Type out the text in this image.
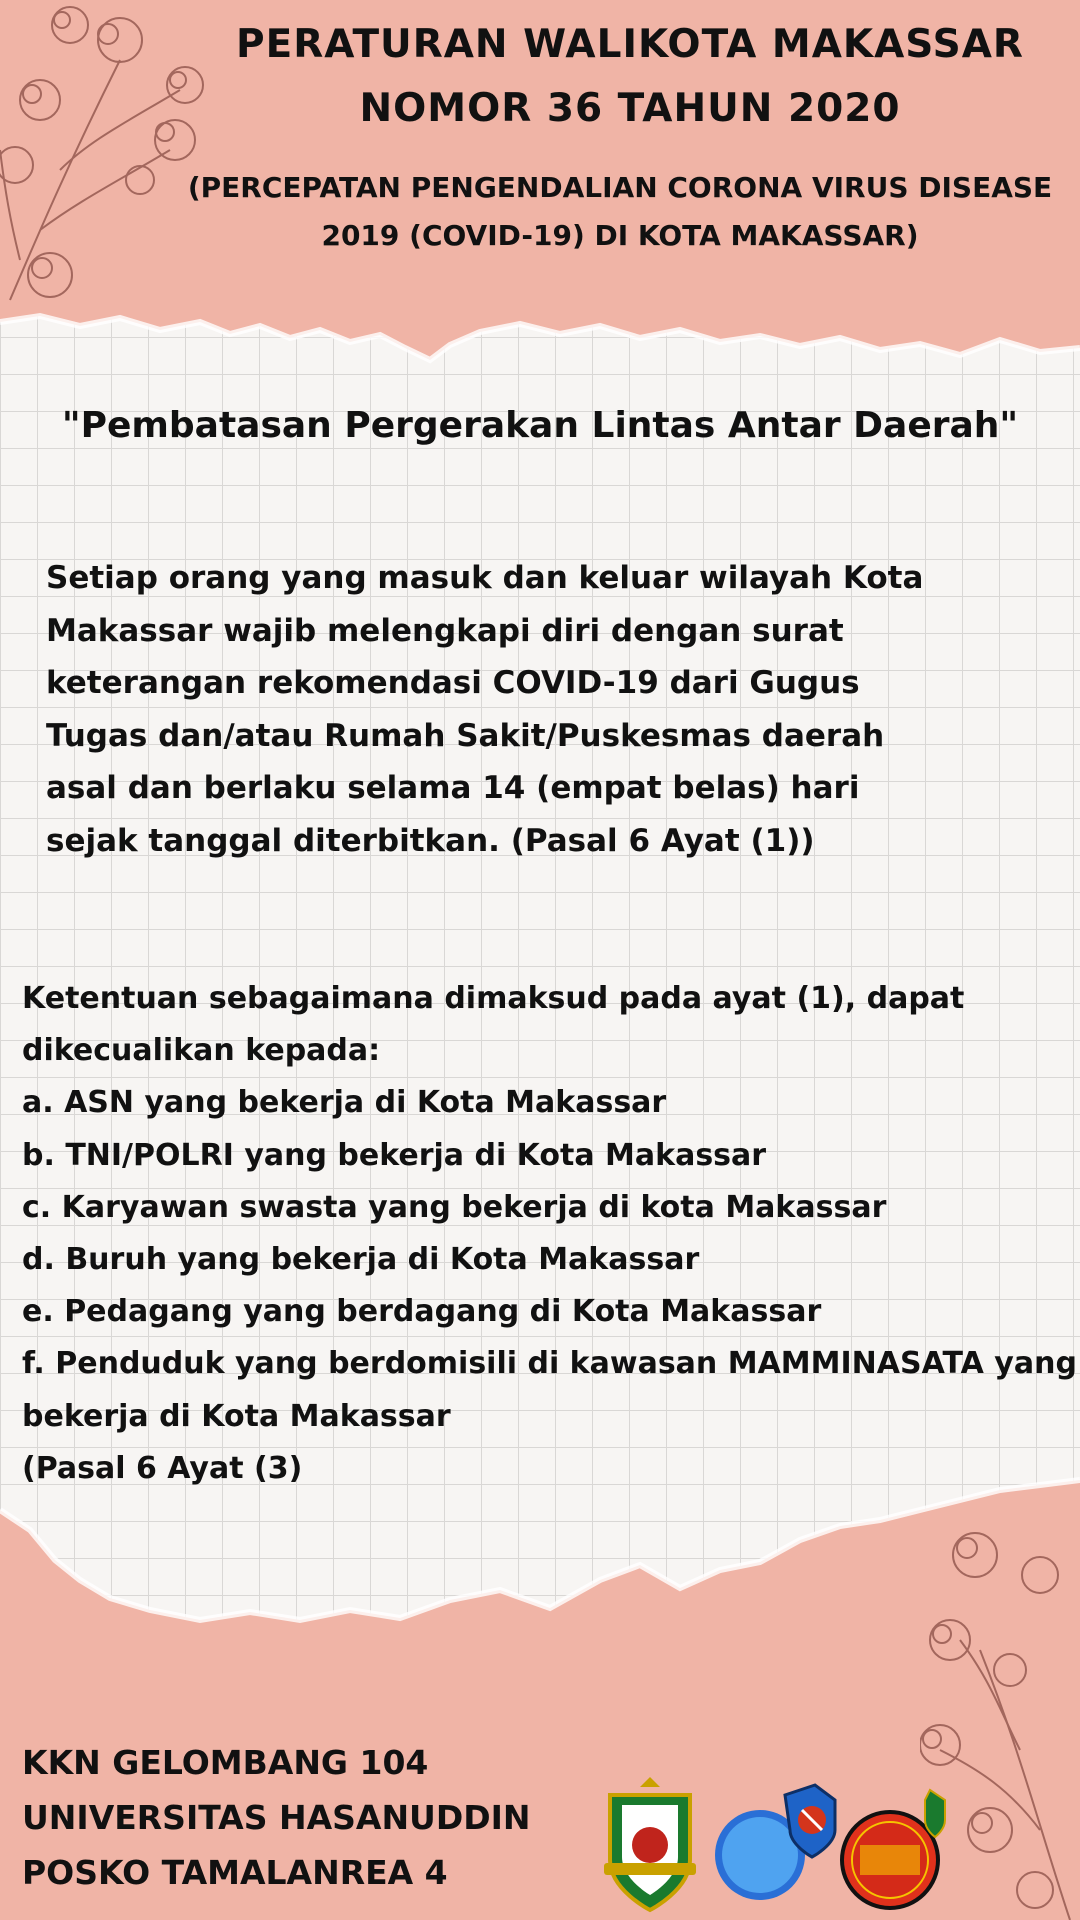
PERATURAN WALIKOTA MAKASSAR
NOMOR 36 TAHUN 2020
(PERCEPATAN PENGENDALIAN CORONA VIRUS DISEASE
2019 (COVID-19) DI KOTA MAKASSAR)
"Pembatasan Pergerakan Lintas Antar Daerah"
Setiap orang yang masuk dan keluar wilayah Kota
Makassar wajib melengkapi diri dengan surat
keterangan rekomendasi COVID-19 dari Gugus
Tugas dan/atau Rumah Sakit/Puskesmas daerah
asal dan berlaku selama 14 (empat belas) hari
sejak tanggal diterbitkan. (Pasal 6 Ayat (1))
Ketentuan sebagaimana dimaksud pada ayat (1), dapat
dikecualikan kepada:
a. ASN yang bekerja di Kota Makassar
b. TNI/POLRI yang bekerja di Kota Makassar
c. Karyawan swasta yang bekerja di kota Makassar
d. Buruh yang bekerja di Kota Makassar
e. Pedagang yang berdagang di Kota Makassar
f. Penduduk yang berdomisili di kawasan MAMMINASATA yang
bekerja di Kota Makassar
(Pasal 6 Ayat (3)
KKN GELOMBANG 104
UNIVERSITAS HASANUDDIN
POSKO TAMALANREA 4
